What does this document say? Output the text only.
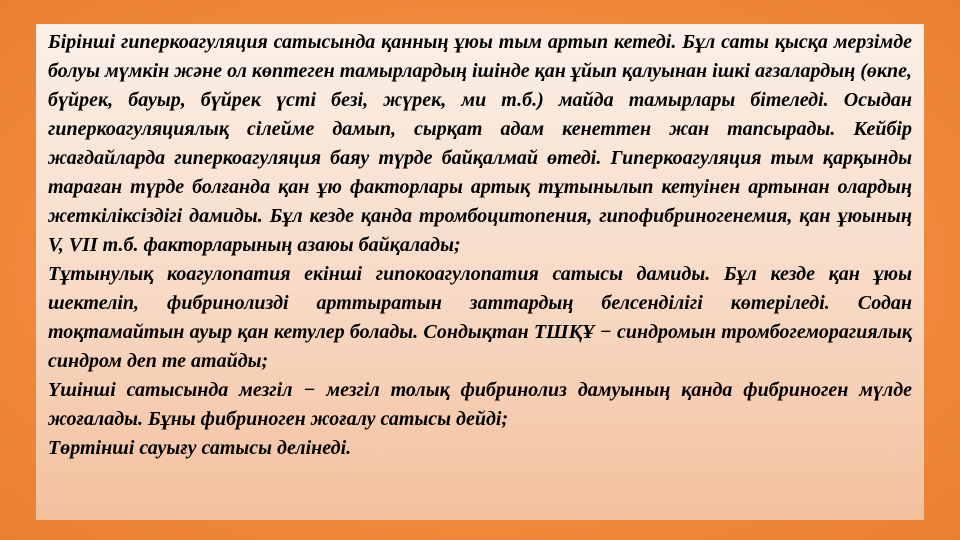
Бірінші гиперкоагуляция сатысында қанның ұюы тым артып кетеді. Бұл саты қысқа мерзімде болуы мүмкін және ол көптеген тамырлардың ішінде қан ұйып қалуынан ішкі ағзалардың (өкпе, бүйрек, бауыр, бүйрек үсті безі, жүрек, ми т.б.) майда тамырлары бітеледі. Осыдан гиперкоагуляциялық сілейме дамып, сырқат адам кенеттен жан тапсырады. Кейбір жағдайларда гиперкоагуляция баяу түрде байқалмай өтеді. Гиперкоагуляция тым қарқынды тараған түрде болғанда қан ұю факторлары артық тұтынылып кетуінен артынан олардың жеткіліксіздігі дамиды. Бұл кезде қанда тромбоцитопения, гипофибриногенемия, қан ұюының V, VII т.б. факторларының азаюы байқалады;

Тұтынулық коагулопатия екінші гипокоагулопатия сатысы дамиды. Бұл кезде қан ұюы шектеліп, фибринолизді арттыратын заттардың белсенділігі көтеріледі. Содан тоқтамайтын ауыр қан кетулер болады. Сондықтан ТШҚҰ − синдромын тромбогеморагиялық синдром деп те атайды;

Үшінші сатысында мезгіл − мезгіл толық фибринолиз дамуының қанда фибриноген мүлде жоғалады. Бұны фибриноген жоғалу сатысы дейді;

Төртінші сауығу сатысы делінеді.
